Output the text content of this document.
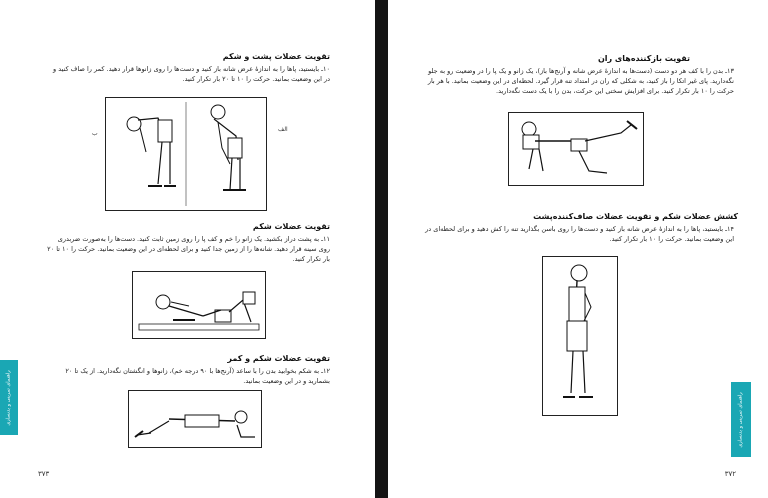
راهنمای تمرینی و بدنسازی
تقویت عضلات پشت و شکم
۱۰ـ بایستید، پاها را به اندازهٔ عرض شانه باز کنید و دست‌ها را روی زانوها قرار دهید. کمر را صاف کنید و در این وضعیت بمانید. حرکت را ۱۰ تا ۲۰ بار تکرار کنید.
الف
ب
تقویت عضلات شکم
۱۱ـ به پشت دراز بکشید. یک زانو را خم و کف پا را روی زمین ثابت کنید. دست‌ها را به‌صورت ضربدری روی سینه قرار دهید. شانه‌ها را از زمین جدا کنید و برای لحظه‌ای در این وضعیت بمانید. حرکت را ۱۰ تا ۲۰ بار تکرار کنید.
تقویت عضلات شکم و کمر
۱۲ـ به شکم بخوابید بدن را با ساعد (آرنج‌ها با ۹۰ درجه خم)، زانوها و انگشتان نگه‌دارید. از یک تا ۲۰ بشمارید و در این وضعیت بمانید.
۳۷۳
راهنمای تمرینی و بدنسازی
تقویت بازکننده‌های ران
۱۳ـ بدن را با کف هر دو دست (دست‌ها به اندازهٔ عرض شانه و آرنج‌ها باز)، یک زانو و یک پا را در وضعیت رو به جلو نگه‌دارید. پای غیر اتکا را باز کنید، به شکلی که ران در امتداد تنه قرار گیرد. لحظه‌ای در این وضعیت بمانید. با هر بار حرکت را ۱۰ بار تکرار کنید. برای افزایش سختی این حرکت، بدن را با یک دست نگه‌دارید.
کشش عضلات شکم و تقویت عضلات صاف‌کننده‌پشت
۱۴ـ بایستید، پاها را به اندازهٔ عرض شانه باز کنید و دست‌ها را روی باسن بگذارید تنه را کش دهید و برای لحظه‌ای در این وضعیت بمانید. حرکت را ۱۰ بار تکرار کنید.
۳۷۲
